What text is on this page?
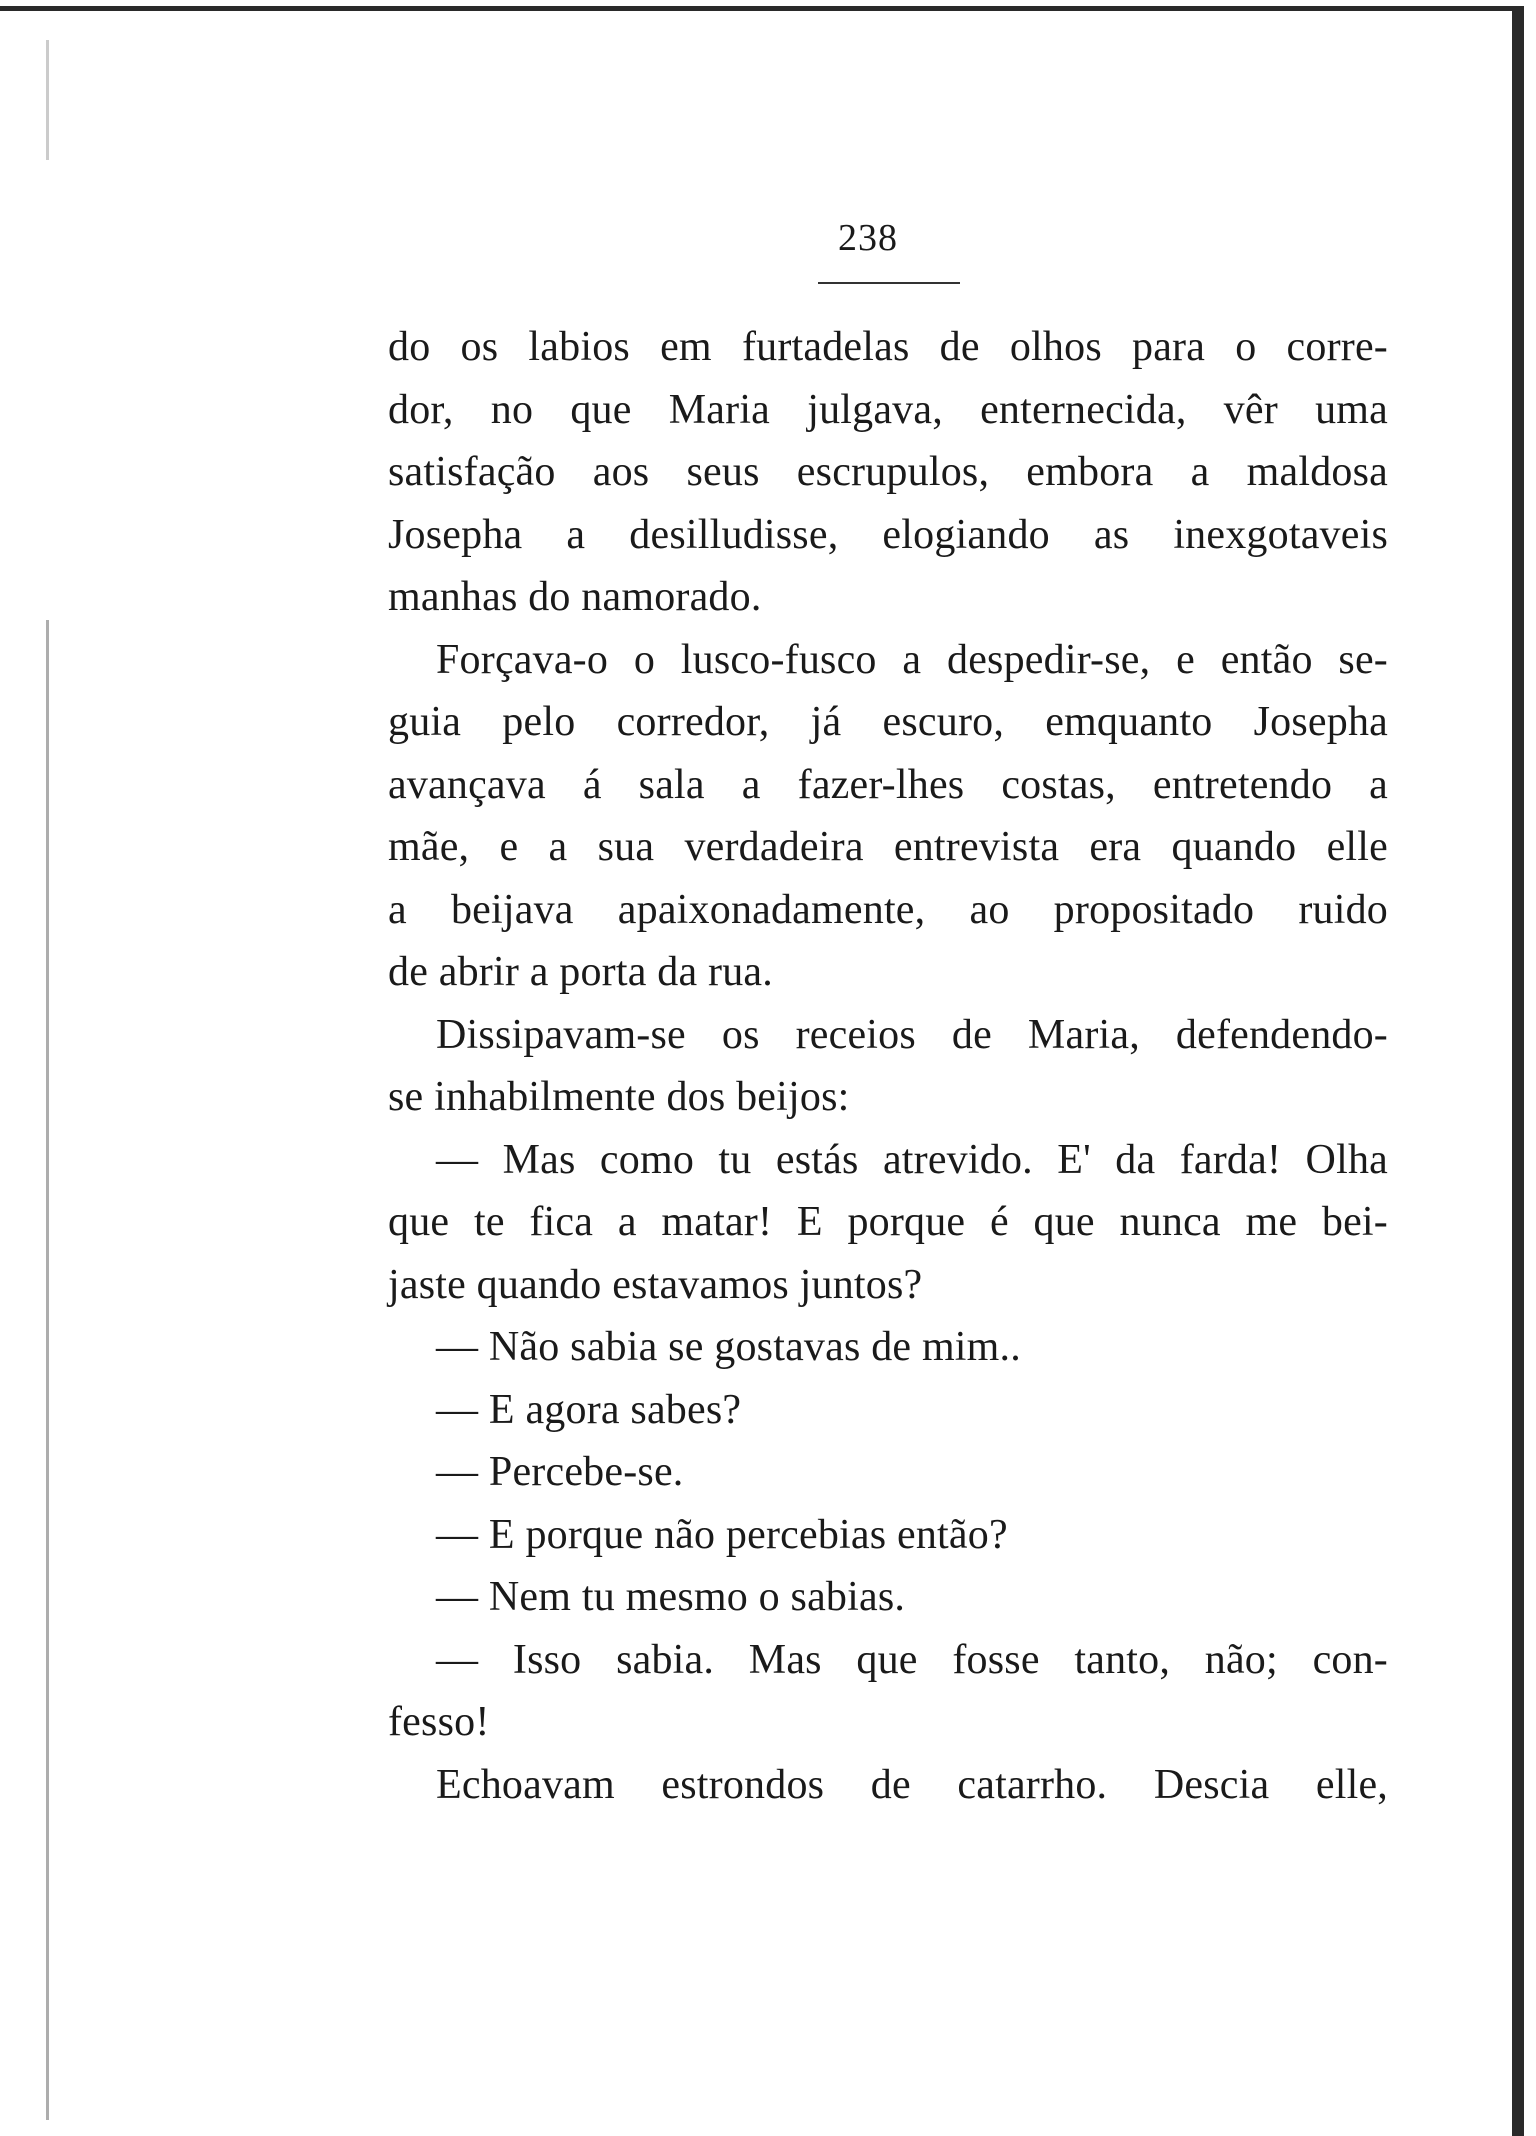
238
do os labios em furtadelas de olhos para o corre-
dor, no que Maria julgava, enternecida, vêr uma
satisfação aos seus escrupulos, embora a maldosa
Josepha a desilludisse, elogiando as inexgotaveis
manhas do namorado.
Forçava-o o lusco-fusco a despedir-se, e então se-
guia pelo corredor, já escuro, emquanto Josepha
avançava á sala a fazer-lhes costas, entretendo a
mãe, e a sua verdadeira entrevista era quando elle
a beijava apaixonadamente, ao propositado ruido
de abrir a porta da rua.
Dissipavam-se os receios de Maria, defendendo-
se inhabilmente dos beijos:
— Mas como tu estás atrevido. E' da farda! Olha
que te fica a matar! E porque é que nunca me bei-
jaste quando estavamos juntos?
— Não sabia se gostavas de mim..
— E agora sabes?
— Percebe-se.
— E porque não percebias então?
— Nem tu mesmo o sabias.
— Isso sabia. Mas que fosse tanto, não; con-
fesso!
Echoavam estrondos de catarrho. Descia elle,
